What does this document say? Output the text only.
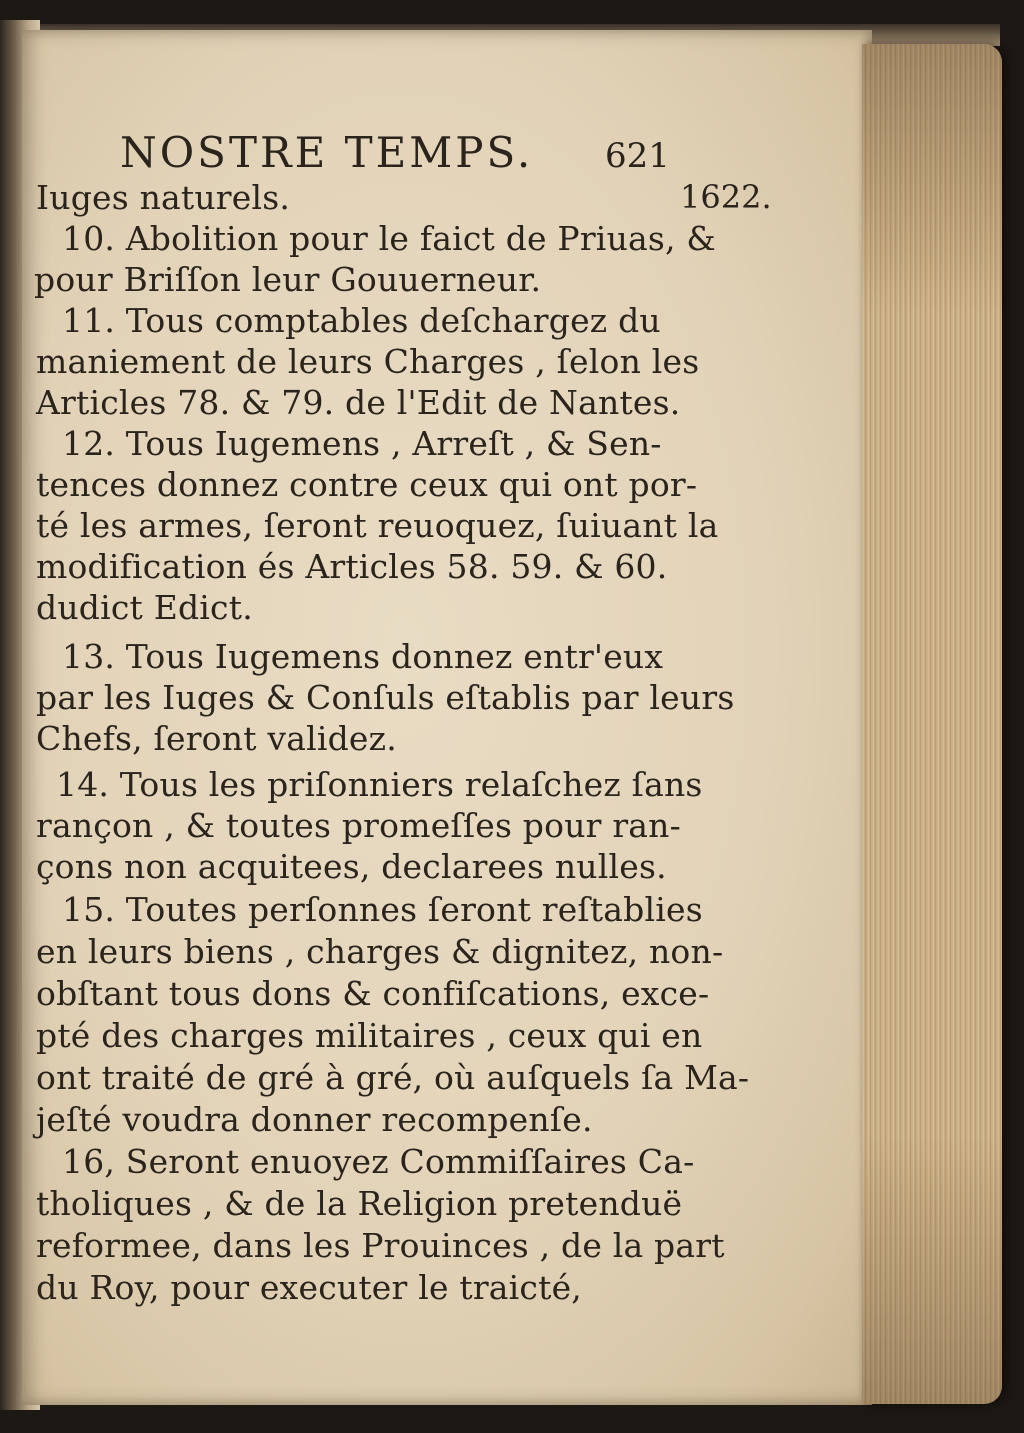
NOSTRE TEMPS. 621
1622.
Iuges naturels.
10. Abolition pour le faict de Priuas, &
pour Briſſon leur Gouuerneur.
11. Tous comptables deſchargez du
maniement de leurs Charges , ſelon les
Articles 78. & 79. de l'Edit de Nantes.
12. Tous Iugemens , Arreſt , & Sen-
tences donnez contre ceux qui ont por-
té les armes, ſeront reuoquez, ſuiuant la
modification és Articles 58. 59. & 60.
dudict Edict.
13. Tous Iugemens donnez entr'eux
par les Iuges & Conſuls eſtablis par leurs
Chefs, ſeront validez.
14. Tous les priſonniers relaſchez ſans
rançon , & toutes promeſſes pour ran-
çons non acquitees, declarees nulles.
15. Toutes perſonnes ſeront reſtablies
en leurs biens , charges & dignitez, non-
obſtant tous dons & confiſcations, exce-
pté des charges militaires , ceux qui en
ont traité de gré à gré, où auſquels ſa Ma-
jeſté voudra donner recompenſe.
16, Seront enuoyez Commiſſaires Ca-
tholiques , & de la Religion pretenduë
reformee, dans les Prouinces , de la part
du Roy, pour executer le traicté,
